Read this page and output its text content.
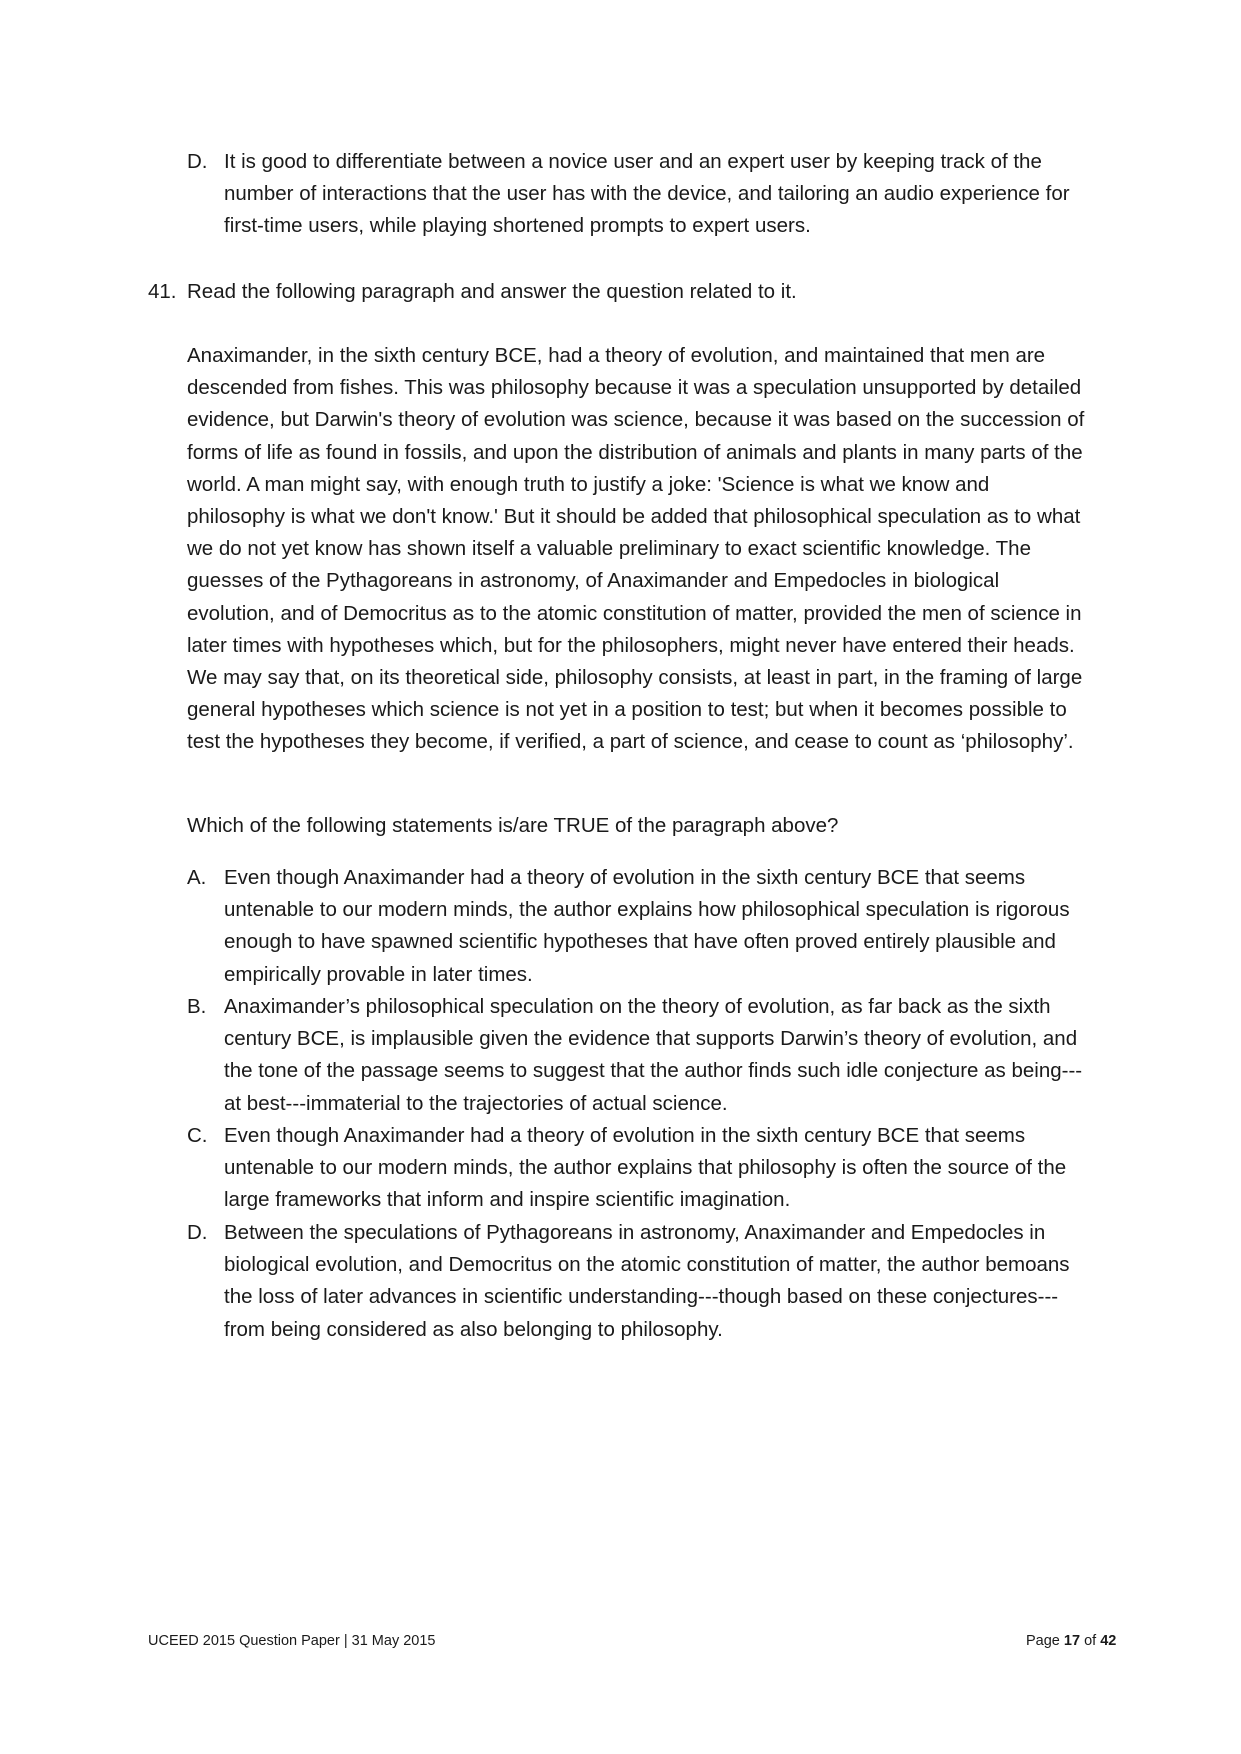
D. It is good to differentiate between a novice user and an expert user by keeping track of the number of interactions that the user has with the device, and tailoring an audio experience for first-time users, while playing shortened prompts to expert users.
41. Read the following paragraph and answer the question related to it.

Anaximander, in the sixth century BCE, had a theory of evolution, and maintained that men are descended from fishes. This was philosophy because it was a speculation unsupported by detailed evidence, but Darwin's theory of evolution was science, because it was based on the succession of forms of life as found in fossils, and upon the distribution of animals and plants in many parts of the world. A man might say, with enough truth to justify a joke: 'Science is what we know and philosophy is what we don't know.' But it should be added that philosophical speculation as to what we do not yet know has shown itself a valuable preliminary to exact scientific knowledge. The guesses of the Pythagoreans in astronomy, of Anaximander and Empedocles in biological evolution, and of Democritus as to the atomic constitution of matter, provided the men of science in later times with hypotheses which, but for the philosophers, might never have entered their heads. We may say that, on its theoretical side, philosophy consists, at least in part, in the framing of large general hypotheses which science is not yet in a position to test; but when it becomes possible to test the hypotheses they become, if verified, a part of science, and cease to count as ‘philosophy’.

Which of the following statements is/are TRUE of the paragraph above?

A. Even though Anaximander had a theory of evolution in the sixth century BCE that seems untenable to our modern minds, the author explains how philosophical speculation is rigorous enough to have spawned scientific hypotheses that have often proved entirely plausible and empirically provable in later times.
B. Anaximander’s philosophical speculation on the theory of evolution, as far back as the sixth century BCE, is implausible given the evidence that supports Darwin’s theory of evolution, and the tone of the passage seems to suggest that the author finds such idle conjecture as being---at best---immaterial to the trajectories of actual science.
C. Even though Anaximander had a theory of evolution in the sixth century BCE that seems untenable to our modern minds, the author explains that philosophy is often the source of the large frameworks that inform and inspire scientific imagination.
D. Between the speculations of Pythagoreans in astronomy, Anaximander and Empedocles in biological evolution, and Democritus on the atomic constitution of matter, the author bemoans the loss of later advances in scientific understanding---though based on these conjectures---from being considered as also belonging to philosophy.
UCEED 2015 Question Paper | 31 May 2015	Page 17 of 42
